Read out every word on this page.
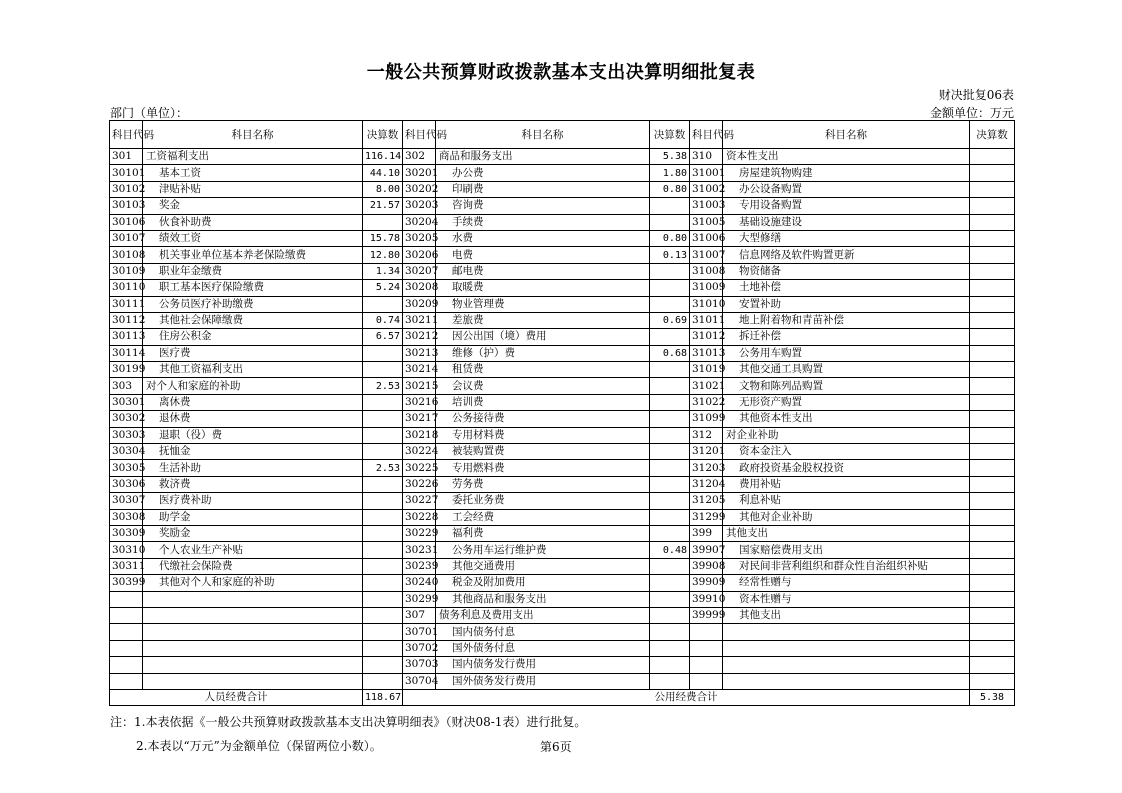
一般公共预算财政拨款基本支出决算明细批复表
财决批复06表
部门（单位）：	金额单位：万元
科目代码	科目名称	决算数	科目代码	科目名称	决算数	科目代码	科目名称	决算数
301	工资福利支出	116.14	302	商品和服务支出	5.38	310	资本性支出	
30101	基本工资	44.10	30201	办公费	1.80	31001	房屋建筑物购建	
30102	津贴补贴	8.00	30202	印刷费	0.80	31002	办公设备购置	
30103	奖金	21.57	30203	咨询费		31003	专用设备购置	
30106	伙食补助费		30204	手续费		31005	基础设施建设	
30107	绩效工资	15.78	30205	水费	0.80	31006	大型修缮	
30108	机关事业单位基本养老保险缴费	12.80	30206	电费	0.13	31007	信息网络及软件购置更新	
30109	职业年金缴费	1.34	30207	邮电费		31008	物资储备	
30110	职工基本医疗保险缴费	5.24	30208	取暖费		31009	土地补偿	
30111	公务员医疗补助缴费		30209	物业管理费		31010	安置补助	
30112	其他社会保障缴费	0.74	30211	差旅费	0.69	31011	地上附着物和青苗补偿	
30113	住房公积金	6.57	30212	因公出国（境）费用		31012	拆迁补偿	
30114	医疗费		30213	维修（护）费	0.68	31013	公务用车购置	
30199	其他工资福利支出		30214	租赁费		31019	其他交通工具购置	
303	对个人和家庭的补助	2.53	30215	会议费		31021	文物和陈列品购置	
30301	离休费		30216	培训费		31022	无形资产购置	
30302	退休费		30217	公务接待费		31099	其他资本性支出	
30303	退职（役）费		30218	专用材料费		312	对企业补助	
30304	抚恤金		30224	被装购置费		31201	资本金注入	
30305	生活补助	2.53	30225	专用燃料费		31203	政府投资基金股权投资	
30306	救济费		30226	劳务费		31204	费用补贴	
30307	医疗费补助		30227	委托业务费		31205	利息补贴	
30308	助学金		30228	工会经费		31299	其他对企业补助	
30309	奖励金		30229	福利费		399	其他支出	
30310	个人农业生产补贴		30231	公务用车运行维护费	0.48	39907	国家赔偿费用支出	
30311	代缴社会保险费		30239	其他交通费用		39908	对民间非营利组织和群众性自治组织补贴	
30399	其他对个人和家庭的补助		30240	税金及附加费用		39909	经常性赠与	
			30299	其他商品和服务支出		39910	资本性赠与	
			307	债务利息及费用支出		39999	其他支出	
			30701	国内债务付息				
			30702	国外债务付息				
			30703	国内债务发行费用				
			30704	国外债务发行费用				
人员经费合计		118.67	公用经费合计					5.38
注：1.本表依据《一般公共预算财政拨款基本支出决算明细表》（财决08-1表）进行批复。
2.本表以“万元”为金额单位（保留两位小数）。	第6页
